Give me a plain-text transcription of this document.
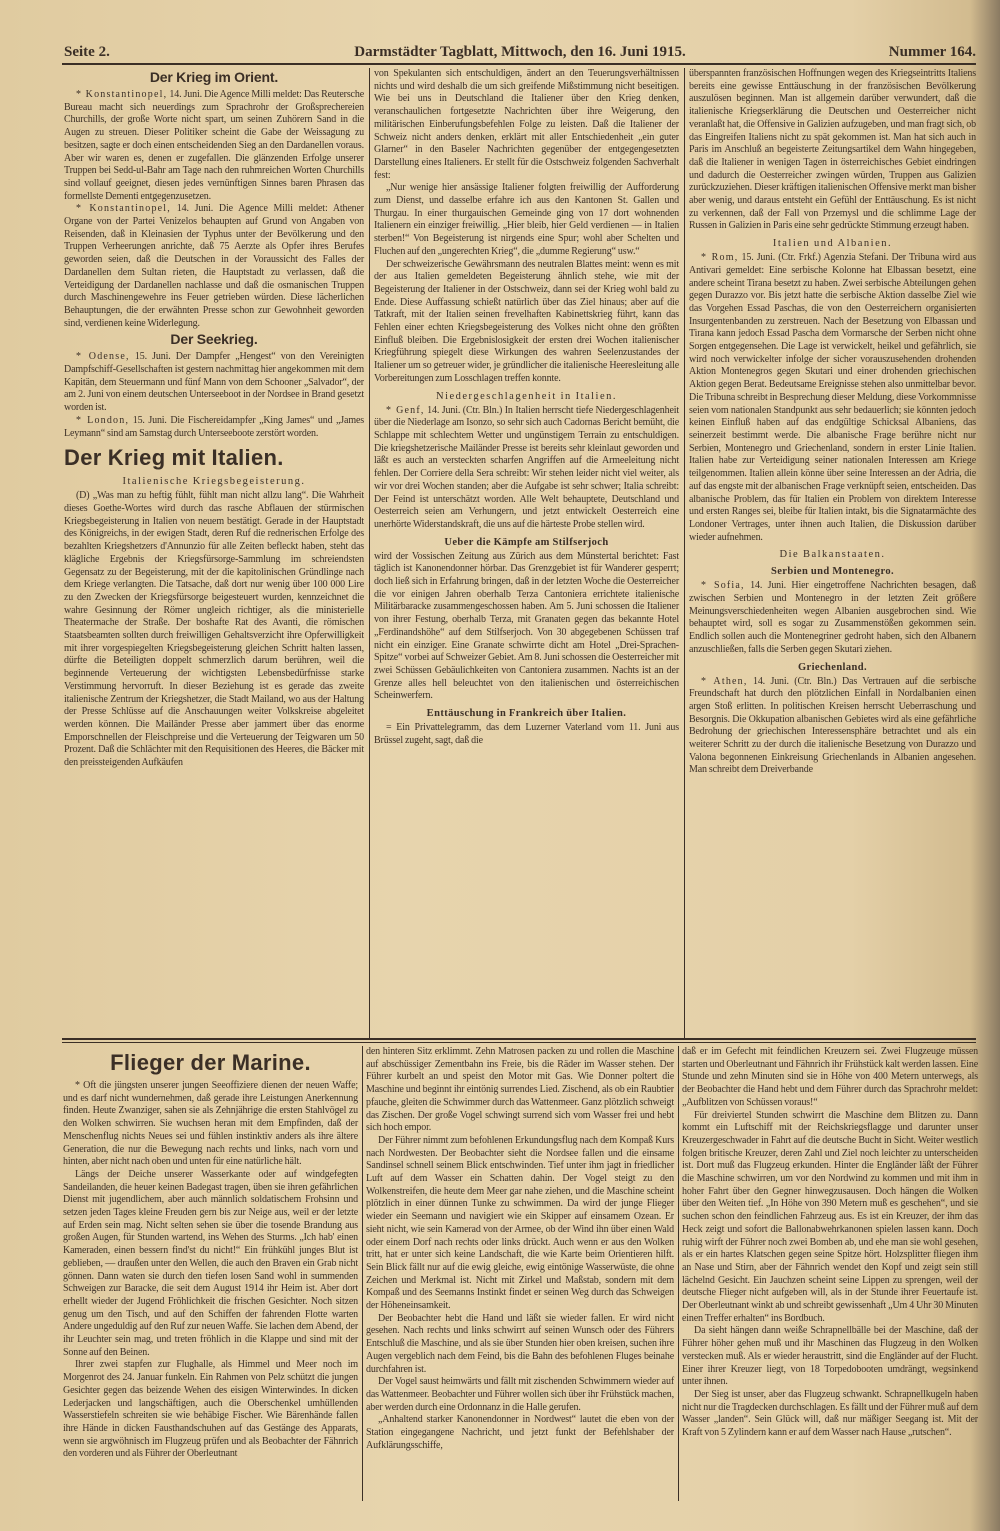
Seite 2.	Darmstädter Tagblatt, Mittwoch, den 16. Juni 1915.	Nummer 164.
Der Krieg im Orient.

* Konstantinopel, 14. Juni. Die Agence Milli meldet: Das Reutersche Bureau macht sich neuerdings zum Sprachrohr der Großsprechereien Churchills, der große Worte nicht spart, um seinen Zuhörern Sand in die Augen zu streuen. Dieser Politiker scheint die Gabe der Weissagung zu besitzen, sagte er doch einen entscheidenden Sieg an den Dardanellen voraus. Aber wir waren es, denen er zugefallen. Die glänzenden Erfolge unserer Truppen bei Sedd-ul-Bahr am Tage nach den ruhmreichen Worten Churchills sind vollauf geeignet, diesen jedes vernünftigen Sinnes baren Phrasen das formellste Dementi entgegenzusetzen.

* Konstantinopel, 14. Juni. Die Agence Milli meldet: Athener Organe von der Partei Venizelos behaupten auf Grund von Angaben von Reisenden, daß in Kleinasien der Typhus unter der Bevölkerung und den Truppen Verheerungen anrichte, daß 75 Aerzte als Opfer ihres Berufes geworden seien, daß die Deutschen in der Voraussicht des Falles der Dardanellen dem Sultan rieten, die Hauptstadt zu verlassen, daß die Verteidigung der Dardanellen nachlasse und daß die osmanischen Truppen durch Maschinengewehre ins Feuer getrieben würden. Diese lächerlichen Behauptungen, die der erwähnten Presse schon zur Gewohnheit geworden sind, verdienen keine Widerlegung.

Der Seekrieg.

* Odense, 15. Juni. Der Dampfer „Hengest“ von den Vereinigten Dampfschiff-Gesellschaften ist gestern nachmittag hier angekommen mit dem Kapitän, dem Steuermann und fünf Mann von dem Schooner „Salvador“, der am 2. Juni von einem deutschen Unterseeboot in der Nordsee in Brand gesetzt worden ist.

* London, 15. Juni. Die Fischereidampfer „King James“ und „James Leymann“ sind am Samstag durch Unterseeboote zerstört worden.

Der Krieg mit Italien.
Italienische Kriegsbegeisterung.

(D) „Was man zu heftig fühlt, fühlt man nicht allzu lang“. Die Wahrheit dieses Goethe-Wortes wird durch das rasche Abflauen der stürmischen Kriegsbegeisterung in Italien von neuem bestätigt. Gerade in der Hauptstadt des Königreichs, in der ewigen Stadt, deren Ruf die rednerischen Erfolge des bezahlten Kriegshetzers d'Annunzio für alle Zeiten befleckt haben, steht das klägliche Ergebnis der Kriegsfürsorge-Sammlung im schreiendsten Gegensatz zu der Begeisterung, mit der die kapitolinischen Gründlinge nach dem Kriege verlangten. Die Tatsache, daß dort nur wenig über 100 000 Lire zu den Zwecken der Kriegsfürsorge beigesteuert wurden, kennzeichnet die wahre Gesinnung der Römer ungleich richtiger, als die ministerielle Theatermache der Straße. Der boshafte Rat des Avanti, die römischen Staatsbeamten sollten durch freiwilligen Gehaltsverzicht ihre Opferwilligkeit mit ihrer vorgespiegelten Kriegsbegeisterung gleichen Schritt halten lassen, dürfte die Beteiligten doppelt schmerzlich darum berühren, weil die beginnende Verteuerung der wichtigsten Lebensbedürfnisse starke Verstimmung hervorruft. In dieser Beziehung ist es gerade das zweite italienische Zentrum der Kriegshetzer, die Stadt Mailand, wo aus der Haltung der Presse Schlüsse auf die Anschauungen weiter Volkskreise abgeleitet werden können. Die Mailänder Presse aber jammert über das enorme Emporschnellen der Fleischpreise und die Verteuerung der Teigwaren um 50 Prozent. Daß die Schlächter mit den Requisitionen des Heeres, die Bäcker mit den preissteigenden Aufkäufen

von Spekulanten sich entschuldigen, ändert an den Teuerungsverhältnissen nichts und wird deshalb die um sich greifende Mißstimmung nicht beseitigen. Wie bei uns in Deutschland die Italiener über den Krieg denken, veranschaulichen fortgesetzte Nachrichten über ihre Weigerung, den militärischen Einberufungsbefehlen Folge zu leisten. Daß die Italiener der Schweiz nicht anders denken, erklärt mit aller Entschiedenheit „ein guter Glarner“ in den Baseler Nachrichten gegenüber der entgegengesetzten Darstellung eines Italieners. Er stellt für die Ostschweiz folgenden Sachverhalt fest:

„Nur wenige hier ansässige Italiener folgten freiwillig der Aufforderung zum Dienst, und dasselbe erfahre ich aus den Kantonen St. Gallen und Thurgau. In einer thurgauischen Gemeinde ging von 17 dort wohnenden Italienern ein einziger freiwillig. „Hier bleib, hier Geld verdienen — in Italien sterben!“ Von Begeisterung ist nirgends eine Spur; wohl aber Schelten und Fluchen auf den „ungerechten Krieg“, die „dumme Regierung“ usw.“

Der schweizerische Gewährsmann des neutralen Blattes meint: wenn es mit der aus Italien gemeldeten Begeisterung ähnlich stehe, wie mit der Begeisterung der Italiener in der Ostschweiz, dann sei der Krieg wohl bald zu Ende. Diese Auffassung schießt natürlich über das Ziel hinaus; aber auf die Tatkraft, mit der Italien seinen frevelhaften Kabinettskrieg führt, kann das Fehlen einer echten Kriegsbegeisterung des Volkes nicht ohne den größten Einfluß bleiben. Die Ergebnislosigkeit der ersten drei Wochen italienischer Kriegführung spiegelt diese Wirkungen des wahren Seelenzustandes der Italiener um so getreuer wider, je gründlicher die italienische Heeresleitung alle Vorbereitungen zum Losschlagen treffen konnte.

Niedergeschlagenheit in Italien.

* Genf, 14. Juni. (Ctr. Bln.) In Italien herrscht tiefe Niedergeschlagenheit über die Niederlage am Isonzo, so sehr sich auch Cadornas Bericht bemüht, die Schlappe mit schlechtem Wetter und ungünstigem Terrain zu entschuldigen. Die kriegshetzerische Mailänder Presse ist bereits sehr kleinlaut geworden und läßt es auch an versteckten scharfen Angriffen auf die Armeeleitung nicht fehlen. Der Corriere della Sera schreibt: Wir stehen leider nicht viel weiter, als wir vor drei Wochen standen; aber die Aufgabe ist sehr schwer; Italia schreibt: Der Feind ist unterschätzt worden. Alle Welt behauptete, Deutschland und Oesterreich seien am Verhungern, und jetzt entwickelt Oesterreich eine unerhörte Widerstandskraft, die uns auf die härteste Probe stellen wird.

Ueber die Kämpfe am Stilfserjoch

wird der Vossischen Zeitung aus Zürich aus dem Münstertal berichtet: Fast täglich ist Kanonendonner hörbar. Das Grenzgebiet ist für Wanderer gesperrt; doch ließ sich in Erfahrung bringen, daß in der letzten Woche die Oesterreicher die vor einigen Jahren oberhalb Terza Cantoniera errichtete italienische Militärbaracke zusammengeschossen haben. Am 5. Juni schossen die Italiener von ihrer Festung, oberhalb Terza, mit Granaten gegen das bekannte Hotel „Ferdinandshöhe“ auf dem Stilfserjoch. Von 30 abgegebenen Schüssen traf nicht ein einziger. Eine Granate schwirrte dicht am Hotel „Drei-Sprachen-Spitze“ vorbei auf Schweizer Gebiet. Am 8. Juni schossen die Oesterreicher mit zwei Schüssen Gebäulichkeiten von Cantoniera zusammen. Nachts ist an der Grenze alles hell beleuchtet von den italienischen und österreichischen Scheinwerfern.

Enttäuschung in Frankreich über Italien.

= Ein Privattelegramm, das dem Luzerner Vaterland vom 11. Juni aus Brüssel zugeht, sagt, daß die

überspannten französischen Hoffnungen wegen des Kriegseintritts Italiens bereits eine gewisse Enttäuschung in der französischen Bevölkerung auszulösen beginnen. Man ist allgemein darüber verwundert, daß die italienische Kriegserklärung die Deutschen und Oesterreicher nicht veranlaßt hat, die Offensive in Galizien aufzugeben, und man fragt sich, ob das Eingreifen Italiens nicht zu spät gekommen ist. Man hat sich auch in Paris im Anschluß an begeisterte Zeitungsartikel dem Wahn hingegeben, daß die Italiener in wenigen Tagen in österreichisches Gebiet eindringen und dadurch die Oesterreicher zwingen würden, Truppen aus Galizien zurückzuziehen. Dieser kräftigen italienischen Offensive merkt man bisher aber wenig, und daraus entsteht ein Gefühl der Enttäuschung. Es ist nicht zu verkennen, daß der Fall von Przemysl und die schlimme Lage der Russen in Galizien in Paris eine sehr gedrückte Stimmung erzeugt haben.

Italien und Albanien.

* Rom, 15. Juni. (Ctr. Frkf.) Agenzia Stefani. Der Tribuna wird aus Antivari gemeldet: Eine serbische Kolonne hat Elbassan besetzt, eine andere scheint Tirana besetzt zu haben. Zwei serbische Abteilungen gehen gegen Durazzo vor. Bis jetzt hatte die serbische Aktion dasselbe Ziel wie das Vorgehen Essad Paschas, die von den Oesterreichern organisierten Insurgentenbanden zu zerstreuen. Nach der Besetzung von Elbassan und Tirana kann jedoch Essad Pascha dem Vormarsche der Serben nicht ohne Sorgen entgegensehen. Die Lage ist verwickelt, heikel und gefährlich, sie wird noch verwickelter infolge der sicher vorauszusehenden drohenden Aktion Montenegros gegen Skutari und einer drohenden griechischen Aktion gegen Berat. Bedeutsame Ereignisse stehen also unmittelbar bevor. Die Tribuna schreibt in Besprechung dieser Meldung, diese Vorkommnisse seien vom nationalen Standpunkt aus sehr bedauerlich; sie könnten jedoch keinen Einfluß haben auf das endgültige Schicksal Albaniens, das seinerzeit bestimmt werde. Die albanische Frage berühre nicht nur Serbien, Montenegro und Griechenland, sondern in erster Linie Italien. Italien habe zur Verteidigung seiner nationalen Interessen am Kriege teilgenommen. Italien allein könne über seine Interessen an der Adria, die auf das engste mit der albanischen Frage verknüpft seien, entscheiden. Das albanische Problem, das für Italien ein Problem von direktem Interesse und ersten Ranges sei, bleibe für Italien intakt, bis die Signatarmächte des Londoner Vertrages, unter ihnen auch Italien, die Diskussion darüber wieder aufnehmen.

Die Balkanstaaten.
Serbien und Montenegro.

* Sofia, 14. Juni. Hier eingetroffene Nachrichten besagen, daß zwischen Serbien und Montenegro in der letzten Zeit größere Meinungsverschiedenheiten wegen Albanien ausgebrochen sind. Wie behauptet wird, soll es sogar zu Zusammenstößen gekommen sein. Endlich sollen auch die Montenegriner gedroht haben, sich den Albanern anzuschließen, falls die Serben gegen Skutari ziehen.

Griechenland.

* Athen, 14. Juni. (Ctr. Bln.) Das Vertrauen auf die serbische Freundschaft hat durch den plötzlichen Einfall in Nordalbanien einen argen Stoß erlitten. In politischen Kreisen herrscht Ueberraschung und Besorgnis. Die Okkupation albanischen Gebietes wird als eine gefährliche Bedrohung der griechischen Interessensphäre betrachtet und als ein weiterer Schritt zu der durch die italienische Besetzung von Durazzo und Valona begonnenen Einkreisung Griechenlands in Albanien angesehen. Man schreibt dem Dreiverbande

Flieger der Marine.

* Oft die jüngsten unserer jungen Seeoffiziere dienen der neuen Waffe; und es darf nicht wundernehmen, daß gerade ihre Leistungen Anerkennung finden. Heute Zwanziger, sahen sie als Zehnjährige die ersten Stahlvögel zu den Wolken schwirren. Sie wuchsen heran mit dem Empfinden, daß der Menschenflug nichts Neues sei und fühlen instinktiv anders als ihre ältere Generation, die nur die Bewegung nach rechts und links, nach vorn und hinten, aber nicht nach oben und unten für eine natürliche hält.

Längs der Deiche unserer Wasserkante oder auf windgefegten Sandeilanden, die heuer keinen Badegast tragen, üben sie ihren gefährlichen Dienst mit jugendlichem, aber auch männlich soldatischem Frohsinn und setzen jeden Tages kleine Freuden gern bis zur Neige aus, weil er der letzte auf Erden sein mag. Nicht selten sehen sie über die tosende Brandung aus großen Augen, für Stunden wartend, ins Wehen des Sturms. „Ich hab' einen Kameraden, einen bessern find'st du nicht!“ Ein frühkühl junges Blut ist geblieben, — draußen unter den Wellen, die auch den Braven ein Grab nicht gönnen. Dann waten sie durch den tiefen losen Sand wohl in summenden Schweigen zur Baracke, die seit dem August 1914 ihr Heim ist. Aber dort erhellt wieder der Jugend Fröhlichkeit die frischen Gesichter. Noch sitzen genug um den Tisch, und auf den Schiffen der fahrenden Flotte warten Andere ungeduldig auf den Ruf zur neuen Waffe. Sie lachen dem Abend, der ihr Leuchter sein mag, und treten fröhlich in die Klappe und sind mit der Sonne auf den Beinen.

Ihrer zwei stapfen zur Flughalle, als Himmel und Meer noch im Morgenrot des 24. Januar funkeln. Ein Rahmen von Pelz schützt die jungen Gesichter gegen das beizende Wehen des eisigen Winterwindes. In dicken Lederjacken und langschäftigen, auch die Oberschenkel umhüllenden Wasserstiefeln schreiten sie wie behäbige Fischer. Wie Bärenhände fallen ihre Hände in dicken Fausthandschuhen auf das Gestänge des Apparats, wenn sie argwöhnisch im Flugzeug prüfen und als Beobachter der Fähnrich den vorderen und als Führer der Oberleutnant

den hinteren Sitz erklimmt. Zehn Matrosen packen zu und rollen die Maschine auf abschüssiger Zementbahn ins Freie, bis die Räder im Wasser stehen. Der Führer kurbelt an und speist den Motor mit Gas. Wie Donner poltert die Maschine und beginnt ihr eintönig surrendes Lied. Zischend, als ob ein Raubtier pfauche, gleiten die Schwimmer durch das Wattenmeer. Ganz plötzlich schweigt das Zischen. Der große Vogel schwingt surrend sich vom Wasser frei und hebt sich hoch empor.

Der Führer nimmt zum befohlenen Erkundungsflug nach dem Kompaß Kurs nach Nordwesten. Der Beobachter sieht die Nordsee fallen und die einsame Sandinsel schnell seinem Blick entschwinden. Tief unter ihm jagt in friedlicher Luft auf dem Wasser ein Schatten dahin. Der Vogel steigt zu den Wolkenstreifen, die heute dem Meer gar nahe ziehen, und die Maschine scheint plötzlich in einer dünnen Tunke zu schwimmen. Da wird der junge Flieger wieder ein Seemann und navigiert wie ein Skipper auf einsamem Ozean. Er sieht nicht, wie sein Kamerad von der Armee, ob der Wind ihn über einen Wald oder einem Dorf nach rechts oder links drückt. Auch wenn er aus den Wolken tritt, hat er unter sich keine Landschaft, die wie Karte beim Orientieren hilft. Sein Blick fällt nur auf die ewig gleiche, ewig eintönige Wasserwüste, die ohne Zeichen und Merkmal ist. Nicht mit Zirkel und Maßstab, sondern mit dem Kompaß und des Seemanns Instinkt findet er seinen Weg durch das Schweigen der Höheneinsamkeit.

Der Beobachter hebt die Hand und läßt sie wieder fallen. Er wird nicht gesehen. Nach rechts und links schwirrt auf seinen Wunsch oder des Führers Entschluß die Maschine, und als sie über Stunden hier oben kreisen, suchen ihre Augen vergeblich nach dem Feind, bis die Bahn des befohlenen Fluges beinahe durchfahren ist.

Der Vogel saust heimwärts und fällt mit zischenden Schwimmern wieder auf das Wattenmeer. Beobachter und Führer wollen sich über ihr Frühstück machen, aber werden durch eine Ordonnanz in die Halle gerufen.

„Anhaltend starker Kanonendonner in Nordwest“ lautet die eben von der Station eingegangene Nachricht, und jetzt funkt der Befehlshaber der Aufklärungsschiffe,

daß er im Gefecht mit feindlichen Kreuzern sei. Zwei Flugzeuge müssen starten und Oberleutnant und Fähnrich ihr Frühstück kalt werden lassen. Eine Stunde und zehn Minuten sind sie in Höhe von 400 Metern unterwegs, als der Beobachter die Hand hebt und dem Führer durch das Sprachrohr meldet: „Aufblitzen von Schüssen voraus!“

Für dreiviertel Stunden schwirrt die Maschine dem Blitzen zu. Dann kommt ein Luftschiff mit der Reichskriegsflagge und darunter unser Kreuzergeschwader in Fahrt auf die deutsche Bucht in Sicht. Weiter westlich folgen britische Kreuzer, deren Zahl und Ziel noch leichter zu unterscheiden ist. Dort muß das Flugzeug erkunden. Hinter die Engländer läßt der Führer die Maschine schwirren, um vor den Nordwind zu kommen und mit ihm in hoher Fahrt über den Gegner hinwegzusausen. Doch hängen die Wolken über den Weiten tief. „In Höhe von 390 Metern muß es geschehen“, und sie suchen schon den feindlichen Fahrzeug aus. Es ist ein Kreuzer, der ihm das Heck zeigt und sofort die Ballonabwehrkanonen spielen lassen kann. Doch ruhig wirft der Führer noch zwei Bomben ab, und ehe man sie wohl gesehen, als er ein hartes Klatschen gegen seine Spitze hört. Holzsplitter fliegen ihm an Nase und Stirn, aber der Fähnrich wendet den Kopf und zeigt sein still lächelnd Gesicht. Ein Jauchzen scheint seine Lippen zu sprengen, weil der deutsche Flieger nicht aufgeben will, als in der Stunde ihrer Feuertaufe ist. Der Oberleutnant winkt ab und schreibt gewissenhaft „Um 4 Uhr 30 Minuten einen Treffer erhalten“ ins Bordbuch.

Da sieht hängen dann weiße Schrapnellbälle bei der Maschine, daß der Führer höher gehen muß und ihr Maschinen das Flugzeug in den Wolken verstecken muß. Als er wieder heraustritt, sind die Engländer auf der Flucht. Einer ihrer Kreuzer liegt, von 18 Torpedobooten umdrängt, wegsinkend unter ihnen.

Der Sieg ist unser, aber das Flugzeug schwankt. Schrapnellkugeln haben nicht nur die Tragdecken durchschlagen. Es fällt und der Führer muß auf dem Wasser „landen“. Sein Glück will, daß nur mäßiger Seegang ist. Mit der Kraft von 5 Zylindern kann er auf dem Wasser nach Hause „rutschen“.
